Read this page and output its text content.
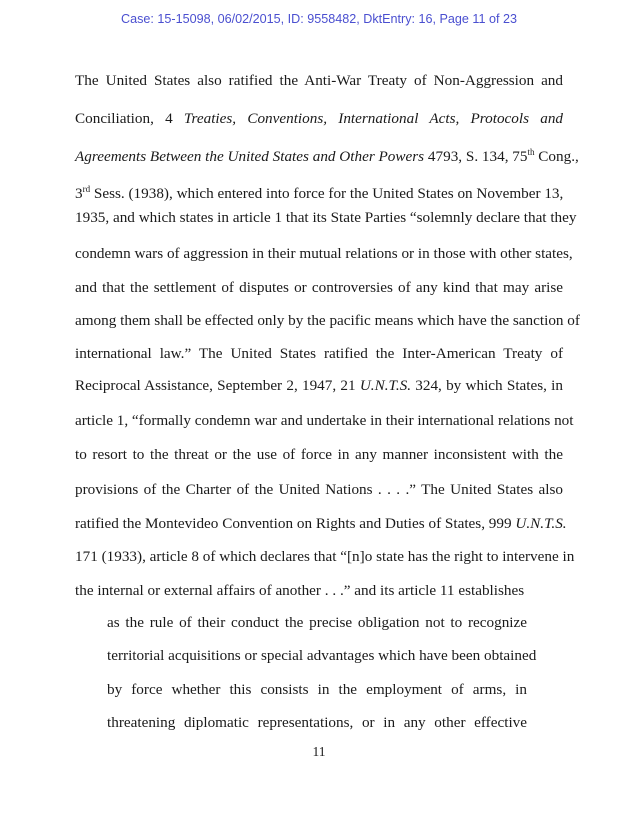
Case: 15-15098, 06/02/2015, ID: 9558482, DktEntry: 16, Page 11 of 23
The United States also ratified the Anti-War Treaty of Non-Aggression and
Conciliation, 4 Treaties, Conventions, International Acts, Protocols and
Agreements Between the United States and Other Powers 4793, S. 134, 75th Cong.,
3rd Sess. (1938), which entered into force for the United States on November 13,
1935, and which states in article 1 that its State Parties “solemnly declare that they
condemn wars of aggression in their mutual relations or in those with other states,
and that the settlement of disputes or controversies of any kind that may arise
among them shall be effected only by the pacific means which have the sanction of
international law.” The United States ratified the Inter-American Treaty of
Reciprocal Assistance, September 2, 1947, 21 U.N.T.S. 324, by which States, in
article 1, “formally condemn war and undertake in their international relations not
to resort to the threat or the use of force in any manner inconsistent with the
provisions of the Charter of the United Nations . . . .” The United States also
ratified the Montevideo Convention on Rights and Duties of States, 999 U.N.T.S.
171 (1933), article 8 of which declares that “[n]o state has the right to intervene in
the internal or external affairs of another . . .” and its article 11 establishes
as the rule of their conduct the precise obligation not to recognize
territorial acquisitions or special advantages which have been obtained
by force whether this consists in the employment of arms, in
threatening diplomatic representations, or in any other effective
11
